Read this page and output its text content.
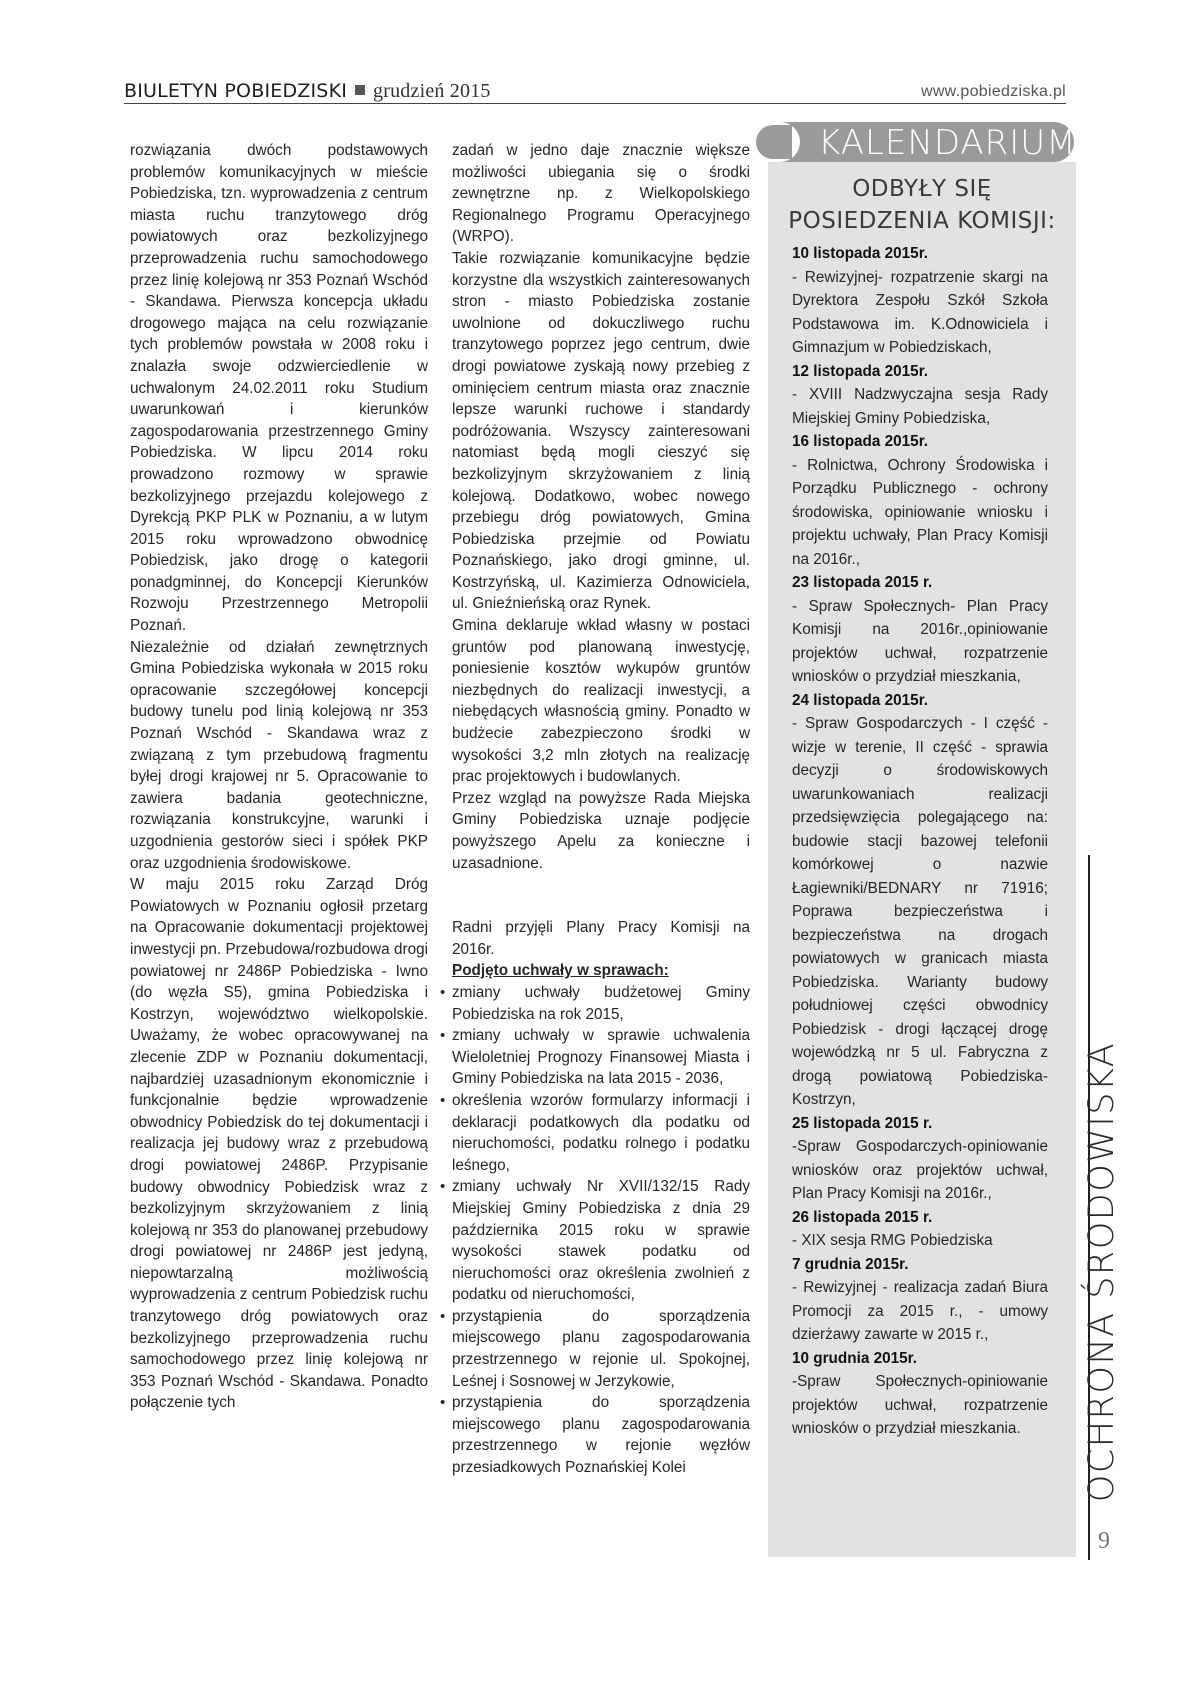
BIULETYN POBIEDZISKI grudzień 2015	www.pobiedziska.pl

rozwiązania dwóch podstawowych problemów komunikacyjnych w mieście Pobiedziska, tzn. wyprowadzenia z centrum miasta ruchu tranzytowego dróg powiatowych oraz bezkolizyjnego przeprowadzenia ruchu samochodowego przez linię kolejową nr 353 Poznań Wschód - Skandawa. Pierwsza koncepcja układu drogowego mająca na celu rozwiązanie tych problemów powstała w 2008 roku i znalazła swoje odzwierciedlenie w uchwalonym 24.02.2011 roku Studium uwarunkowań i kierunków zagospodarowania przestrzennego Gminy Pobiedziska. W lipcu 2014 roku prowadzono rozmowy w sprawie bezkolizyjnego przejazdu kolejowego z Dyrekcją PKP PLK w Poznaniu, a w lutym 2015 roku wprowadzono obwodnicę Pobiedzisk, jako drogę o kategorii ponadgminnej, do Koncepcji Kierunków Rozwoju Przestrzennego Metropolii Poznań.

Niezależnie od działań zewnętrznych Gmina Pobiedziska wykonała w 2015 roku opracowanie szczegółowej koncepcji budowy tunelu pod linią kolejową nr 353 Poznań Wschód - Skandawa wraz z związaną z tym przebudową fragmentu byłej drogi krajowej nr 5. Opracowanie to zawiera badania geotechniczne, rozwiązania konstrukcyjne, warunki i uzgodnienia gestorów sieci i spółek PKP oraz uzgodnienia środowiskowe.

W maju 2015 roku Zarząd Dróg Powiatowych w Poznaniu ogłosił przetarg na Opracowanie dokumentacji projektowej inwestycji pn. Przebudowa/rozbudowa drogi powiatowej nr 2486P Pobiedziska - Iwno (do węzła S5), gmina Pobiedziska i Kostrzyn, województwo wielkopolskie. Uważamy, że wobec opracowywanej na zlecenie ZDP w Poznaniu dokumentacji, najbardziej uzasadnionym ekonomicznie i funkcjonalnie będzie wprowadzenie obwodnicy Pobiedzisk do tej dokumentacji i realizacja jej budowy wraz z przebudową drogi powiatowej 2486P. Przypisanie budowy obwodnicy Pobiedzisk wraz z bezkolizyjnym skrzyżowaniem z linią kolejową nr 353 do planowanej przebudowy drogi powiatowej nr 2486P jest jedyną, niepowtarzalną możliwością wyprowadzenia z centrum Pobiedzisk ruchu tranzytowego dróg powiatowych oraz bezkolizyjnego przeprowadzenia ruchu samochodowego przez linię kolejową nr 353 Poznań Wschód - Skandawa. Ponadto połączenie tych

zadań w jedno daje znacznie większe możliwości ubiegania się o środki zewnętrzne np. z Wielkopolskiego Regionalnego Programu Operacyjnego (WRPO).

Takie rozwiązanie komunikacyjne będzie korzystne dla wszystkich zainteresowanych stron - miasto Pobiedziska zostanie uwolnione od dokuczliwego ruchu tranzytowego poprzez jego centrum, dwie drogi powiatowe zyskają nowy przebieg z ominięciem centrum miasta oraz znacznie lepsze warunki ruchowe i standardy podróżowania. Wszyscy zainteresowani natomiast będą mogli cieszyć się bezkolizyjnym skrzyżowaniem z linią kolejową. Dodatkowo, wobec nowego przebiegu dróg powiatowych, Gmina Pobiedziska przejmie od Powiatu Poznańskiego, jako drogi gminne, ul. Kostrzyńską, ul. Kazimierza Odnowiciela, ul. Gnieźnieńską oraz Rynek.

Gmina deklaruje wkład własny w postaci gruntów pod planowaną inwestycję, poniesienie kosztów wykupów gruntów niezbędnych do realizacji inwestycji, a niebędących własnością gminy. Ponadto w budżecie zabezpieczono środki w wysokości 3,2 mln złotych na realizację prac projektowych i budowlanych.

Przez wzgląd na powyższe Rada Miejska Gminy Pobiedziska uznaje podjęcie powyższego Apelu za konieczne i uzasadnione.

Radni przyjęli Plany Pracy Komisji na 2016r.

Podjęto uchwały w sprawach:

• zmiany uchwały budżetowej Gminy Pobiedziska na rok 2015,
• zmiany uchwały w sprawie uchwalenia Wieloletniej Prognozy Finansowej Miasta i Gminy Pobiedziska na lata 2015 - 2036,
• określenia wzorów formularzy informacji i deklaracji podatkowych dla podatku od nieruchomości, podatku rolnego i podatku leśnego,
• zmiany uchwały Nr XVII/132/15 Rady Miejskiej Gminy Pobiedziska z dnia 29 października 2015 roku w sprawie wysokości stawek podatku od nieruchomości oraz określenia zwolnień z podatku od nieruchomości,
• przystąpienia do sporządzenia miejscowego planu zagospodarowania przestrzennego w rejonie ul. Spokojnej, Leśnej i Sosnowej w Jerzykowie,
• przystąpienia do sporządzenia miejscowego planu zagospodarowania przestrzennego w rejonie węzłów przesiadkowych Poznańskiej Kolei
KALENDARIUM
ODBYŁY SIĘ POSIEDZENIA KOMISJI:
10 listopada 2015r.

- Rewizyjnej- rozpatrzenie skargi na Dyrektora Zespołu Szkół Szkoła Podstawowa im. K.Odnowiciela i Gimnazjum w Pobiedziskach,

12 listopada 2015r.

- XVIII Nadzwyczajna sesja Rady Miejskiej Gminy Pobiedziska,

16 listopada 2015r.

- Rolnictwa, Ochrony Środowiska i Porządku Publicznego - ochrony środowiska, opiniowanie wniosku i projektu uchwały, Plan Pracy Komisji na 2016r.,

23 listopada 2015 r.

- Spraw Społecznych- Plan Pracy Komisji na 2016r.,opiniowanie projektów uchwał, rozpatrzenie wniosków o przydział mieszkania,

24 listopada 2015r.

- Spraw Gospodarczych - I część - wizje w terenie, II część - sprawia decyzji o środowiskowych uwarunkowaniach realizacji przedsięwzięcia polegającego na: budowie stacji bazowej telefonii komórkowej o nazwie Łagiewniki/BEDNARY nr 71916; Poprawa bezpieczeństwa i bezpieczeństwa na drogach powiatowych w granicach miasta Pobiedziska. Warianty budowy południowej części obwodnicy Pobiedzisk - drogi łączącej drogę wojewódzką nr 5 ul. Fabryczna z drogą powiatową Pobiedziska-Kostrzyn,

25 listopada 2015 r.

-Spraw Gospodarczych-opiniowanie wniosków oraz projektów uchwał, Plan Pracy Komisji na 2016r.,

26 listopada 2015 r.

- XIX sesja RMG Pobiedziska

7 grudnia 2015r.

- Rewizyjnej - realizacja zadań Biura Promocji za 2015 r., - umowy dzierżawy zawarte w 2015 r.,

10 grudnia 2015r.

-Spraw Społecznych-opiniowanie projektów uchwał, rozpatrzenie wniosków o przydział mieszkania.	OCHRONA ŚRODOWISKA
9
